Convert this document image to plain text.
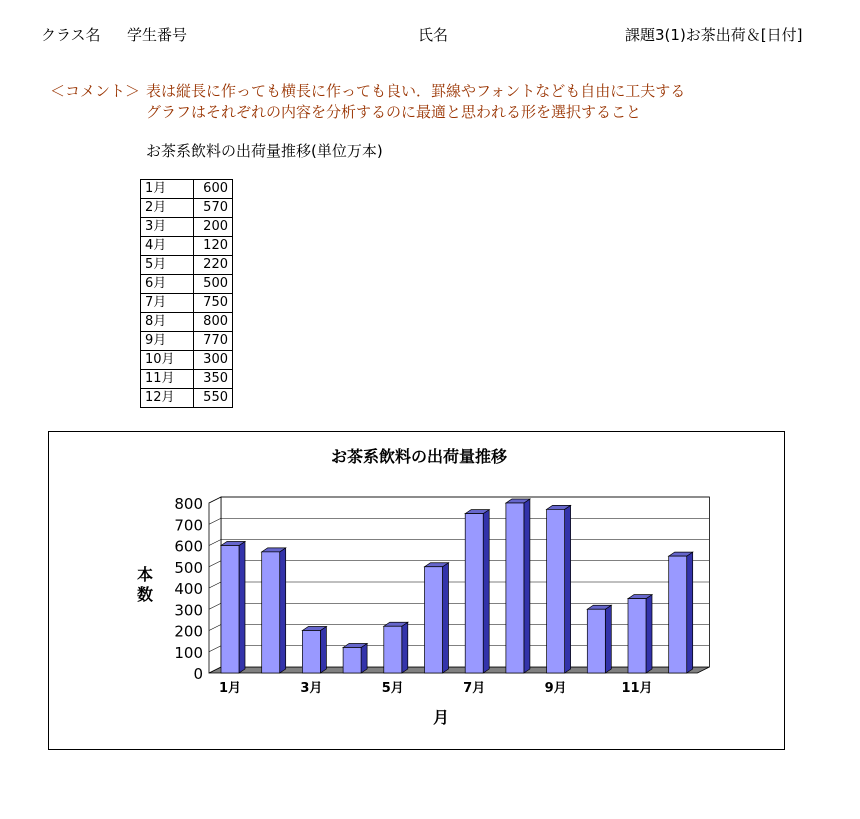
クラス名 学生番号	氏名	課題3(1)お茶出荷＆[日付]
＜コメント＞ 表は縦長に作っても横長に作っても良い．罫線やフォントなども自由に工夫する
グラフはそれぞれの内容を分析するのに最適と思われる形を選択すること
お茶系飲料の出荷量推移(単位万本)
1月	600
2月	570
3月	200
4月	120
5月	220
6月	500
7月	750
8月	800
9月	770
10月	300
11月	350
12月	550
お茶系飲料の出荷量推移
0
100
200
300
400
500
600
700
800
本数
1月	3月	5月	7月	9月	11月
月
